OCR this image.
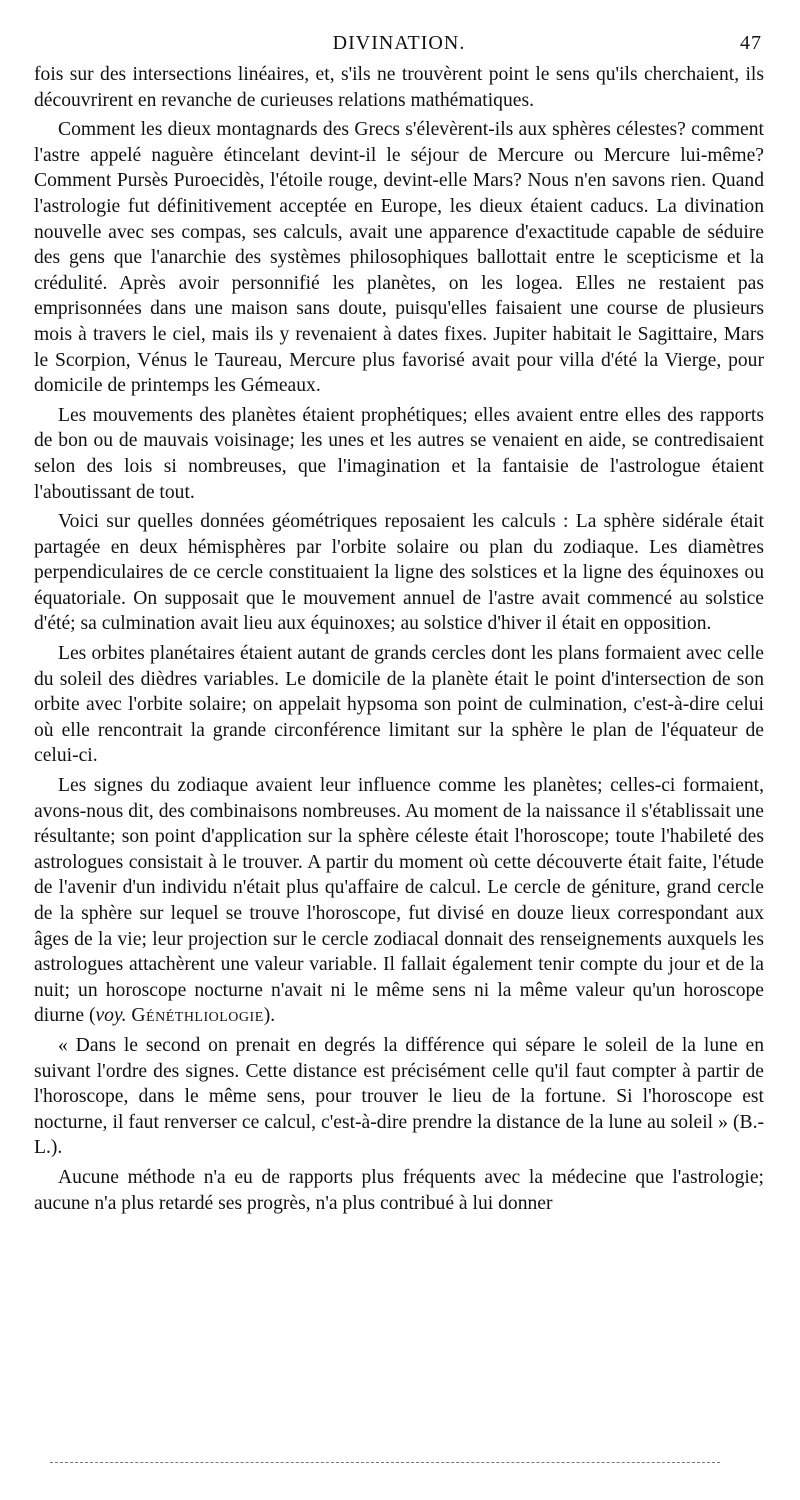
DIVINATION.	47

fois sur des intersections linéaires, et, s'ils ne trouvèrent point le sens qu'ils cherchaient, ils découvrirent en revanche de curieuses relations mathématiques.

Comment les dieux montagnards des Grecs s'élevèrent-ils aux sphères célestes? comment l'astre appelé naguère étincelant devint-il le séjour de Mercure ou Mercure lui-même? Comment Pursès Puroecidès, l'étoile rouge, devint-elle Mars? Nous n'en savons rien. Quand l'astrologie fut définitivement acceptée en Europe, les dieux étaient caducs. La divination nouvelle avec ses compas, ses calculs, avait une apparence d'exactitude capable de séduire des gens que l'anarchie des systèmes philosophiques ballottait entre le scepticisme et la crédulité. Après avoir personnifié les planètes, on les logea. Elles ne restaient pas emprisonnées dans une maison sans doute, puisqu'elles faisaient une course de plusieurs mois à travers le ciel, mais ils y revenaient à dates fixes. Jupiter habitait le Sagittaire, Mars le Scorpion, Vénus le Taureau, Mercure plus favorisé avait pour villa d'été la Vierge, pour domicile de printemps les Gémeaux.

Les mouvements des planètes étaient prophétiques; elles avaient entre elles des rapports de bon ou de mauvais voisinage; les unes et les autres se venaient en aide, se contredisaient selon des lois si nombreuses, que l'imagination et la fantaisie de l'astrologue étaient l'aboutissant de tout.

Voici sur quelles données géométriques reposaient les calculs : La sphère sidérale était partagée en deux hémisphères par l'orbite solaire ou plan du zodiaque. Les diamètres perpendiculaires de ce cercle constituaient la ligne des solstices et la ligne des équinoxes ou équatoriale. On supposait que le mouvement annuel de l'astre avait commencé au solstice d'été; sa culmination avait lieu aux équinoxes; au solstice d'hiver il était en opposition.

Les orbites planétaires étaient autant de grands cercles dont les plans formaient avec celle du soleil des dièdres variables. Le domicile de la planète était le point d'intersection de son orbite avec l'orbite solaire; on appelait hypsoma son point de culmination, c'est-à-dire celui où elle rencontrait la grande circonférence limitant sur la sphère le plan de l'équateur de celui-ci.

Les signes du zodiaque avaient leur influence comme les planètes; celles-ci formaient, avons-nous dit, des combinaisons nombreuses. Au moment de la naissance il s'établissait une résultante; son point d'application sur la sphère céleste était l'horoscope; toute l'habileté des astrologues consistait à le trouver. A partir du moment où cette découverte était faite, l'étude de l'avenir d'un individu n'était plus qu'affaire de calcul. Le cercle de géniture, grand cercle de la sphère sur lequel se trouve l'horoscope, fut divisé en douze lieux correspondant aux âges de la vie; leur projection sur le cercle zodiacal donnait des renseignements auxquels les astrologues attachèrent une valeur variable. Il fallait également tenir compte du jour et de la nuit; un horoscope nocturne n'avait ni le même sens ni la même valeur qu'un horoscope diurne (voy. Généthliologie).

« Dans le second on prenait en degrés la différence qui sépare le soleil de la lune en suivant l'ordre des signes. Cette distance est précisément celle qu'il faut compter à partir de l'horoscope, dans le même sens, pour trouver le lieu de la fortune. Si l'horoscope est nocturne, il faut renverser ce calcul, c'est-à-dire prendre la distance de la lune au soleil » (B.-L.).

Aucune méthode n'a eu de rapports plus fréquents avec la médecine que l'astrologie; aucune n'a plus retardé ses progrès, n'a plus contribué à lui donner
